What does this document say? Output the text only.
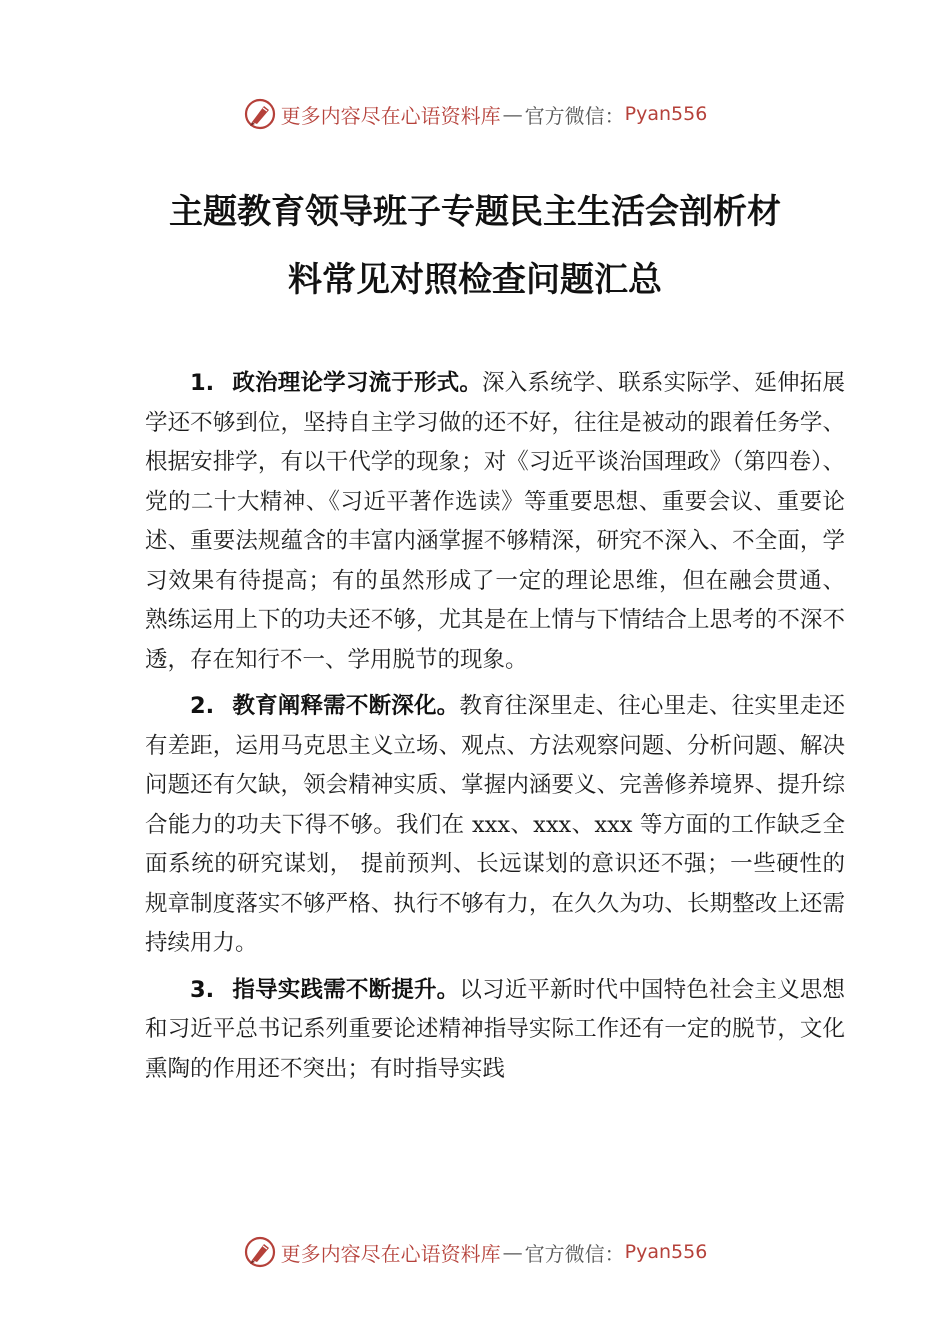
更多内容尽在心语资料库 — 官方微信： Pyan556
主题教育领导班子专题民主生活会剖析材
料常见对照检查问题汇总

1. 政治理论学习流于形式。深入系统学、联系实际学、延伸拓展学还不够到位，坚持自主学习做的还不好，往往是被动的跟着任务学、根据安排学，有以干代学的现象；对《习近平谈治国理政》（第四卷）、党的二十大精神、《习近平著作选读》等重要思想、重要会议、重要论述、重要法规蕴含的丰富内涵掌握不够精深，研究不深入、不全面，学习效果有待提高；有的虽然形成了一定的理论思维，但在融会贯通、 熟练运用上下的功夫还不够，尤其是在上情与下情结合上思考的不深不透，存在知行不一、学用脱节的现象。

2. 教育阐释需不断深化。教育往深里走、往心里走、往实里走还有差距，运用马克思主义立场、观点、方法观察问题、分析问题、解决问题还有欠缺，领会精神实质、掌握内涵要义、完善修养境界、提升综合能力的功夫下得不够。我们在 xxx、xxx、xxx 等方面的工作缺乏全面系统的研究谋划， 提前预判、长远谋划的意识还不强；一些硬性的规章制度落实不够严格、执行不够有力，在久久为功、长期整改上还需持续用力。

3. 指导实践需不断提升。以习近平新时代中国特色社会主义思想和习近平总书记系列重要论述精神指导实际工作还有一定的脱节，文化熏陶的作用还不突出；有时指导实践

更多内容尽在心语资料库 — 官方微信： Pyan556
